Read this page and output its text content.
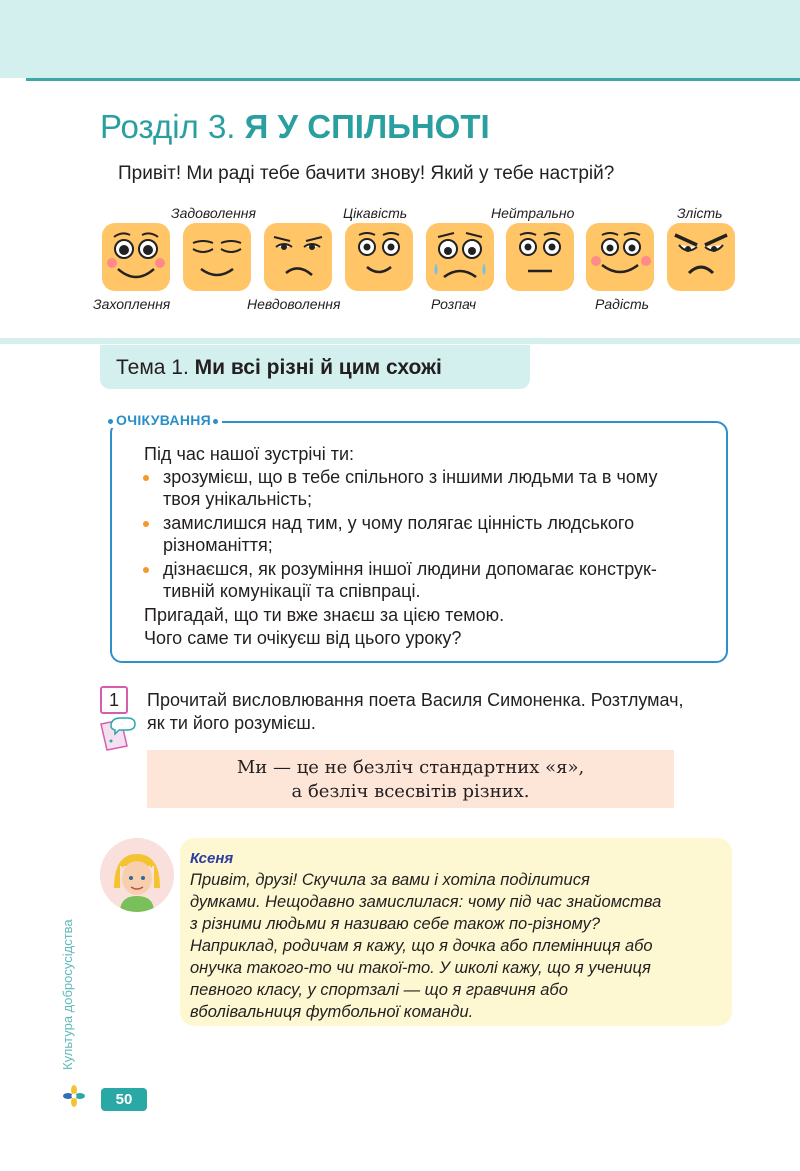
Розділ 3. Я У СПІЛЬНОТІ
Привіт! Ми раді тебе бачити знову! Який у тебе настрій?
Захоплення
Задоволення
Невдоволення
Цікавість
Розпач
Нейтрально
Радість
Злість
Тема 1. Ми всі різні й цим схожі
ОЧІКУВАННЯ
Під час нашої зустрічі ти:
зрозумієш, що в тебе спільного з іншими людьми та в чому
твоя унікальність;
замислишся над тим, у чому полягає цінність людського
різноманіття;
дізнаєшся, як розуміння іншої людини допомагає конструк-
тивній комунікації та співпраці.
Пригадай, що ти вже знаєш за цією темою.
Чого саме ти очікуєш від цього уроку?
1	Прочитай висловлювання поета Василя Симоненка. Розтлумач,
як ти його розумієш.
Ми — це не безліч стандартних «я»,
а безліч всесвітів різних.
Ксеня
Привіт, друзі! Скучила за вами і хотіла поділитися
думками. Нещодавно замислилася: чому під час знайомства
з різними людьми я називаю себе також по-різному?
Наприклад, родичам я кажу, що я дочка або племінниця або
онучка такого-то чи такої-то. У школі кажу, що я учениця
певного класу, у спортзалі — що я гравчиня або
вболівальниця футбольної команди.
Культура добросусідства
50
